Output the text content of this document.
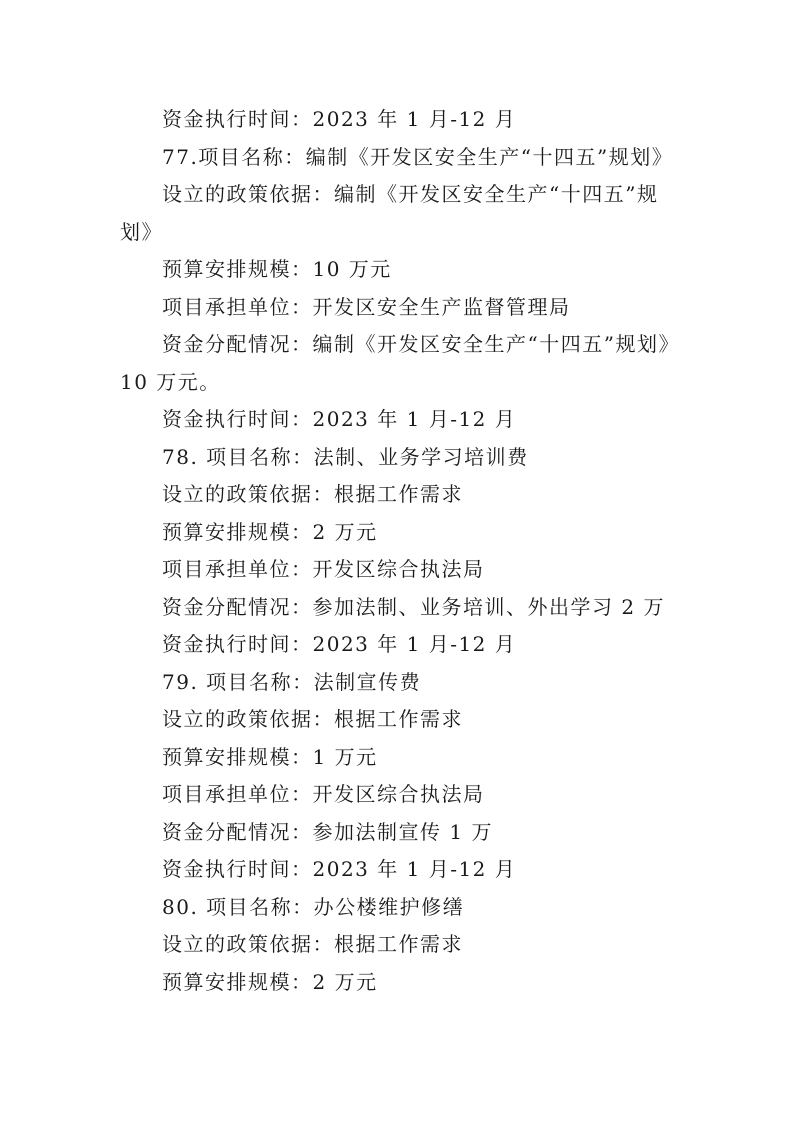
资金执行时间：2023 年 1 月-12 月
77.项目名称：编制《开发区安全生产“十四五”规划》
设立的政策依据：编制《开发区安全生产“十四五”规划》
预算安排规模：10 万元
项目承担单位：开发区安全生产监督管理局
资金分配情况：编制《开发区安全生产“十四五”规划》10 万元。
资金执行时间：2023 年 1 月-12 月
78. 项目名称：法制、业务学习培训费
设立的政策依据：根据工作需求
预算安排规模：2 万元
项目承担单位：开发区综合执法局
资金分配情况：参加法制、业务培训、外出学习 2 万
资金执行时间：2023 年 1 月-12 月
79. 项目名称：法制宣传费
设立的政策依据：根据工作需求
预算安排规模：1 万元
项目承担单位：开发区综合执法局
资金分配情况：参加法制宣传 1 万
资金执行时间：2023 年 1 月-12 月
80. 项目名称：办公楼维护修缮
设立的政策依据：根据工作需求
预算安排规模：2 万元
